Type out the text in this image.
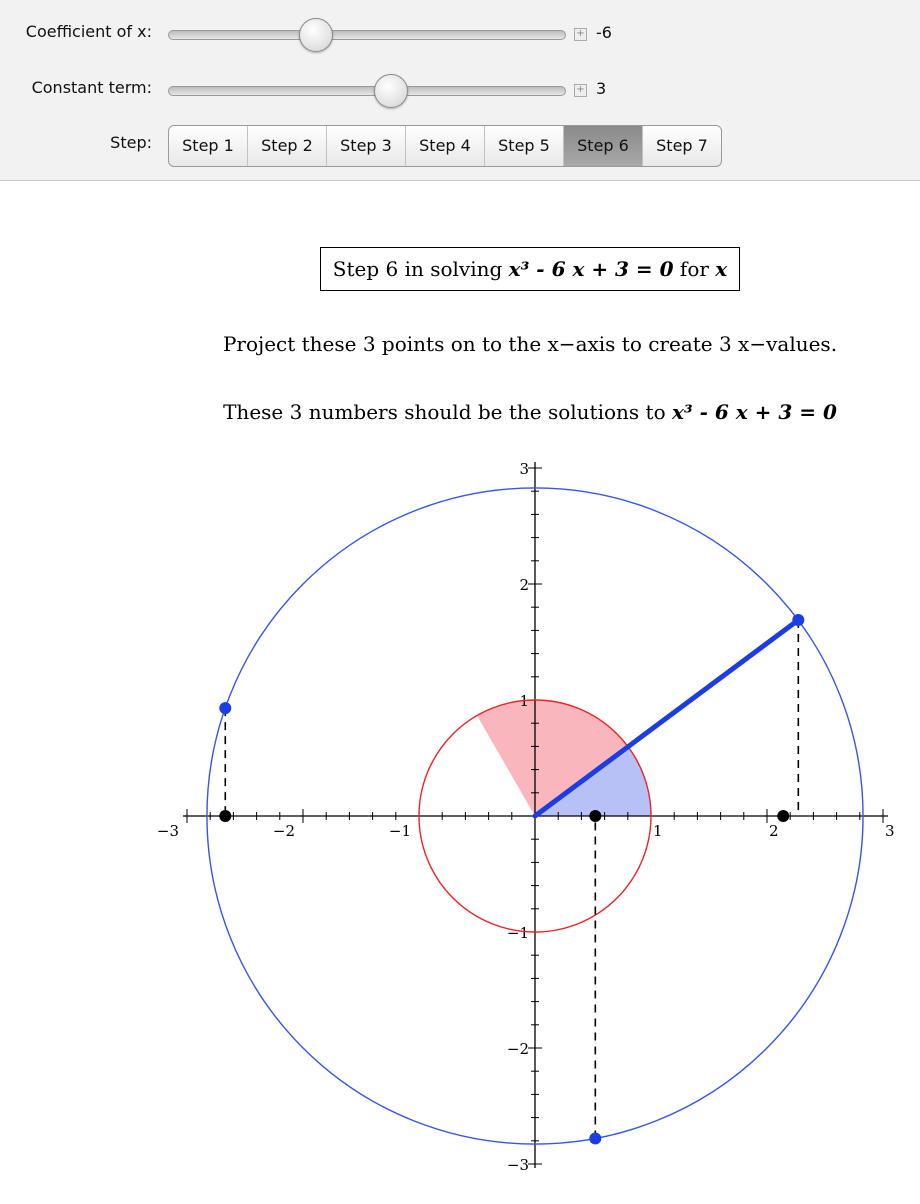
Coefficient of x:	+ -6
Constant term:	+ 3
Step:	Step 1	Step 2	Step 3	Step 4	Step 5	Step 6	Step 7
Step 6 in solving x³ - 6 x + 3 = 0 for x
Project these 3 points on to the x−axis to create 3 x−values.
These 3 numbers should be the solutions to x³ - 6 x + 3 = 0
−3	−2	−1	1	2	3
3
2
1
−1
−2
−3
